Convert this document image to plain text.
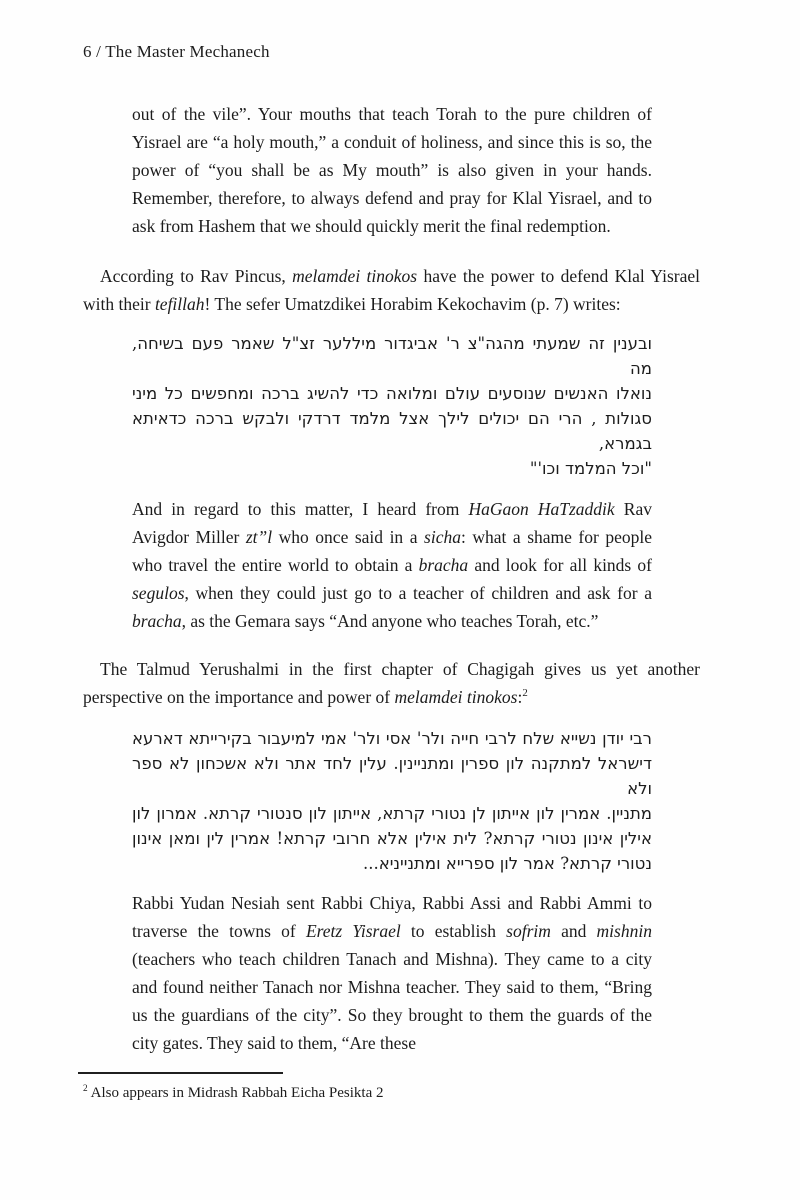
6 / The Master Mechanech
out of the vile”. Your mouths that teach Torah to the pure children of Yisrael are “a holy mouth,” a conduit of holiness, and since this is so, the power of “you shall be as My mouth” is also given in your hands. Remember, therefore, to always defend and pray for Klal Yisrael, and to ask from Hashem that we should quickly merit the final redemption.

According to Rav Pincus, melamdei tinokos have the power to defend Klal Yisrael with their tefillah! The sefer Umatzdikei Horabim Kekochavim (p. 7) writes:

ובענין זה שמעתי מהגה"צ ר' אביגדור מיללער זצ"ל שאמר פעם בשיחה, מה
נואלו האנשים שנוסעים עולם ומלואה כדי להשיג ברכה ומחפשים כל מיני
סגולות , הרי הם יכולים לילך אצל מלמד דרדקי ולבקש ברכה כדאיתא בגמרא,
"וכל המלמד וכו'"
And in regard to this matter, I heard from HaGaon HaTzaddik Rav Avigdor Miller zt”l who once said in a sicha: what a shame for people who travel the entire world to obtain a bracha and look for all kinds of segulos, when they could just go to a teacher of children and ask for a bracha, as the Gemara says “And anyone who teaches Torah, etc.”

The Talmud Yerushalmi in the first chapter of Chagigah gives us yet another perspective on the importance and power of melamdei tinokos:$^2$

רבי יודן נשייא שלח לרבי חייה ולר' אסי ולר' אמי למיעבור בקירייתא דארעא
דישראל למתקנה לון ספרין ומתניינין. עלין לחד אתר ולא אשכחון לא ספר ולא
מתניין. אמרין לון אייתון לן נטורי קרתא, אייתון לון סנטורי קרתא. אמרון לון
אילין אינון נטורי קרתא? לית אילין אלא חרובי קרתא! אמרין לין ומאן אינון
נטורי קרתא? אמר לון ספרייא ומתנייניא...
Rabbi Yudan Nesiah sent Rabbi Chiya, Rabbi Assi and Rabbi Ammi to traverse the towns of Eretz Yisrael to establish sofrim and mishnin (teachers who teach children Tanach and Mishna). They came to a city and found neither Tanach nor Mishna teacher. They said to them, “Bring us the guardians of the city”. So they brought to them the guards of the city gates. They said to them, “Are these
$^2$ Also appears in Midrash Rabbah Eicha Pesikta 2
